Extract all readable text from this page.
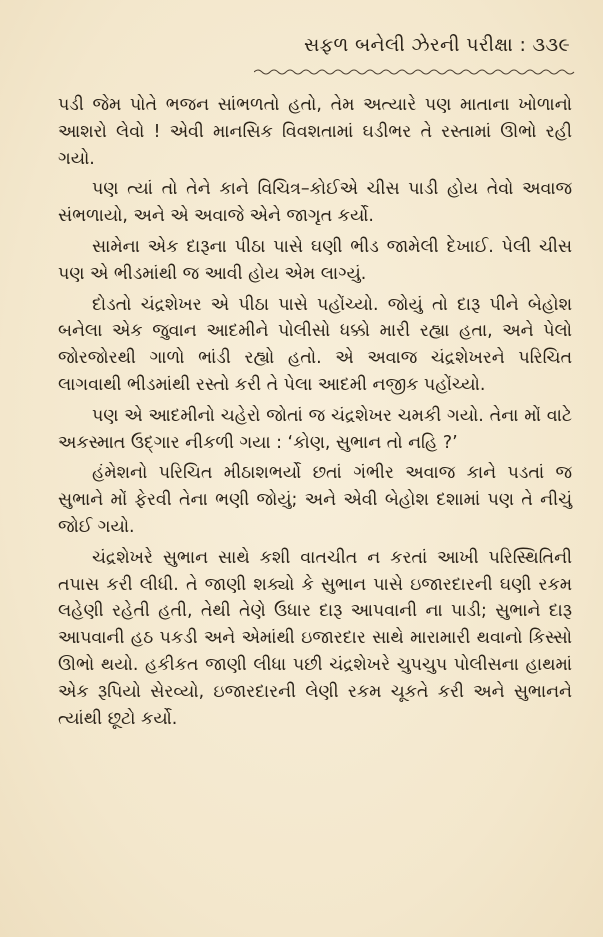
સફળ બનેલી ઝેરની પરીક્ષા : ૩૩૯

પડી જેમ પોતે ભજન સાંભળતો હતો, તેમ અત્યારે પણ માતાના ખોળાનો આશરો લેવો ! એવી માનસિક વિવશતામાં ઘડીભર તે રસ્તામાં ઊભો રહી ગયો.

પણ ત્યાં તો તેને કાને વિચિત્ર–કોઈએ ચીસ પાડી હોય તેવો અવાજ સંભળાયો, અને એ અવાજે એને જાગૃત કર્યો.

સામેના એક દારૂના પીઠા પાસે ઘણી ભીડ જામેલી દેખાઈ. પેલી ચીસ પણ એ ભીડમાંથી જ આવી હોય એમ લાગ્યું.

દોડતો ચંદ્રશેખર એ પીઠા પાસે પહોંચ્યો. જોયું તો દારૂ પીને બેહોશ બનેલા એક જુવાન આદમીને પોલીસો ધક્કો મારી રહ્યા હતા, અને પેલો જોરજોરથી ગાળો ભાંડી રહ્યો હતો. એ અવાજ ચંદ્રશેખરને પરિચિત લાગવાથી ભીડમાંથી રસ્તો કરી તે પેલા આદમી નજીક પહોંચ્યો.

પણ એ આદમીનો ચહેરો જોતાં જ ચંદ્રશેખર ચમકી ગયો. તેના મોં વાટે અકસ્માત ઉદ્ગાર નીકળી ગયા : ‘કોણ, સુભાન તો નહિ ?’

હંમેશનો પરિચિત મીઠાશભર્યો છતાં ગંભીર અવાજ કાને પડતાં જ સુભાને મોં ફેરવી તેના ભણી જોયું; અને એવી બેહોશ દશામાં પણ તે નીચું જોઈ ગયો.

ચંદ્રશેખરે સુભાન સાથે કશી વાતચીત ન કરતાં આખી પરિસ્થિતિની તપાસ કરી લીધી. તે જાણી શક્યો કે સુભાન પાસે ઇજારદારની ઘણી રકમ લહેણી રહેતી હતી, તેથી તેણે ઉધાર દારૂ આપવાની ના પાડી; સુભાને દારૂ આપવાની હઠ પકડી અને એમાંથી ઇજારદાર સાથે મારામારી થવાનો કિસ્સો ઊભો થયો. હકીકત જાણી લીધા પછી ચંદ્રશેખરે ચુપચુપ પોલીસના હાથમાં એક રૂપિયો સેરવ્યો, ઇજારદારની લેણી રકમ ચૂકતે કરી અને સુભાનને ત્યાંથી છૂટો કર્યો.
